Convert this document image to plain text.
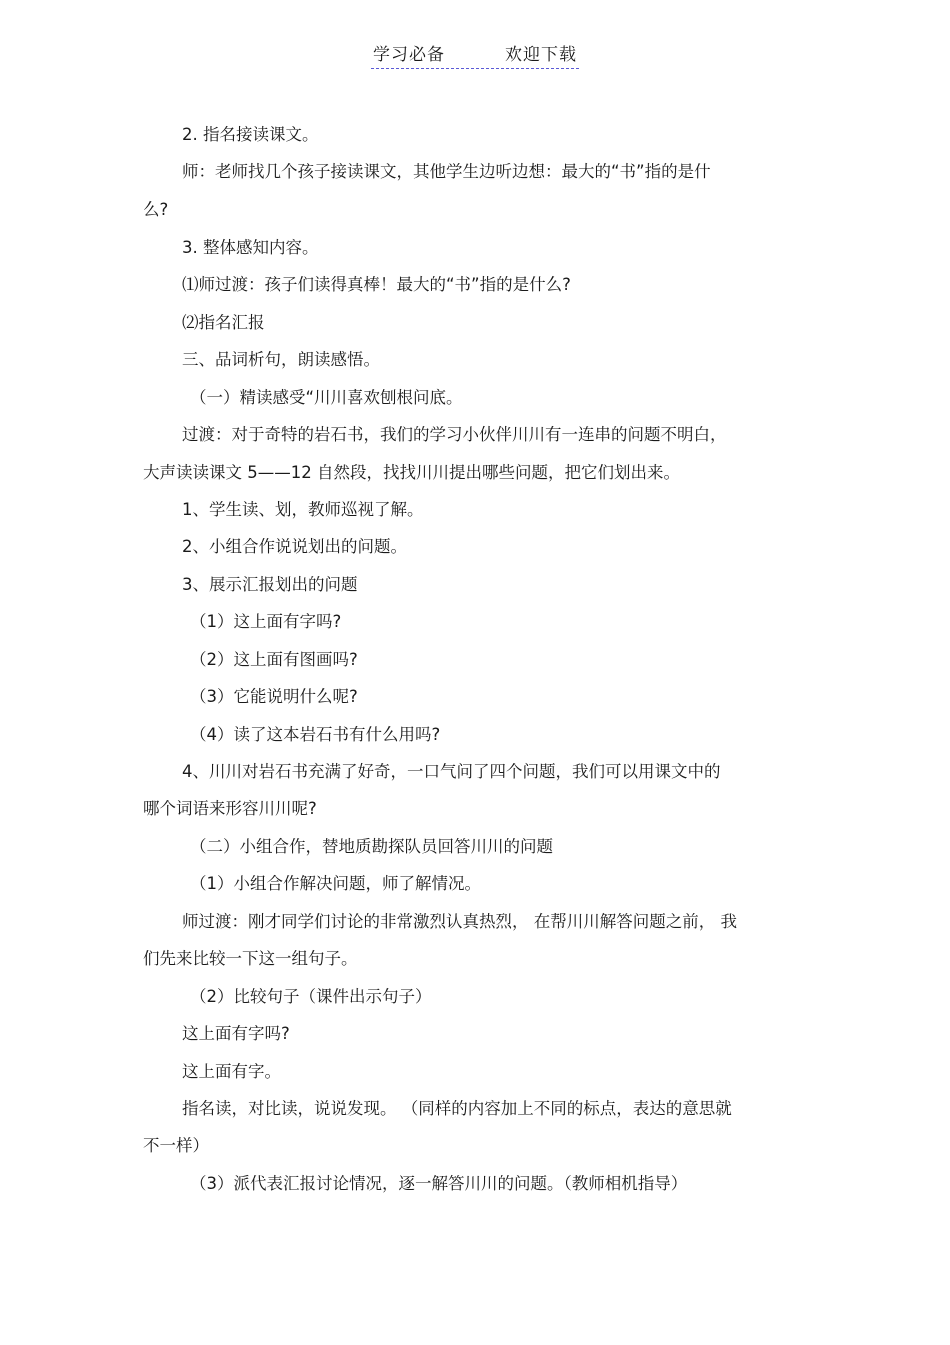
学习必备	欢迎下载
2. 指名接读课文。
师：老师找几个孩子接读课文，其他学生边听边想：最大的“书”指的是什
么?
3. 整体感知内容。
⑴师过渡：孩子们读得真棒！最大的“书”指的是什么?
⑵指名汇报
三、品词析句，朗读感悟。
（一）精读感受“川川喜欢刨根问底。
过渡：对于奇特的岩石书，我们的学习小伙伴川川有一连串的问题不明白，
大声读读课文 5——12 自然段，找找川川提出哪些问题，把它们划出来。
1、学生读、划，教师巡视了解。
2、小组合作说说划出的问题。
3、展示汇报划出的问题
（1）这上面有字吗?
（2）这上面有图画吗?
（3）它能说明什么呢?
（4）读了这本岩石书有什么用吗?
4、川川对岩石书充满了好奇，一口气问了四个问题，我们可以用课文中的
哪个词语来形容川川呢?
（二）小组合作，替地质勘探队员回答川川的问题
（1）小组合作解决问题，师了解情况。
师过渡：刚才同学们讨论的非常激烈认真热烈， 在帮川川解答问题之前， 我
们先来比较一下这一组句子。
（2）比较句子（课件出示句子）
这上面有字吗?
这上面有字。
指名读，对比读，说说发现。 （同样的内容加上不同的标点，表达的意思就
不一样）
（3）派代表汇报讨论情况，逐一解答川川的问题。（教师相机指导）
